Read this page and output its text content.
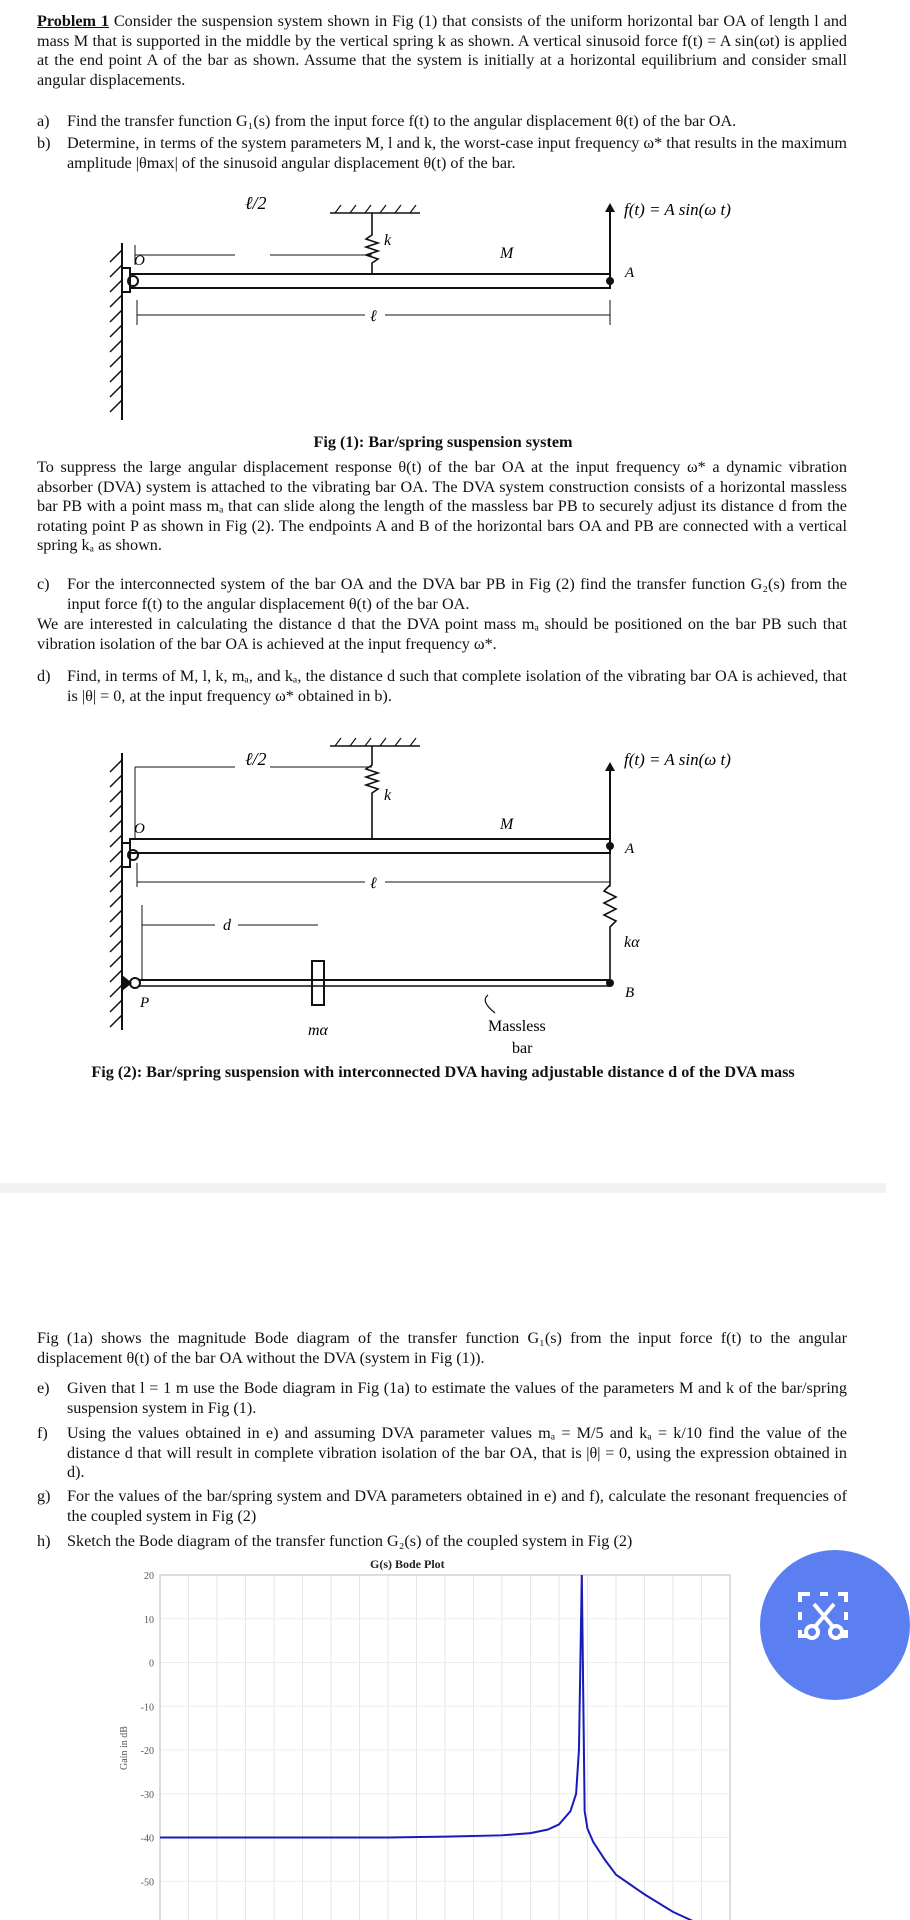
Problem 1 Consider the suspension system shown in Fig (1) that consists of the uniform horizontal bar OA of length l and mass M that is supported in the middle by the vertical spring k as shown. A vertical sinusoid force f(t) = A sin(ωt) is applied at the end point A of the bar as shown. Assume that the system is initially at a horizontal equilibrium and consider small angular displacements.
a) Find the transfer function G₁(s) from the input force f(t) to the angular displacement θ(t) of the bar OA.
b) Determine, in terms of the system parameters M, l and k, the worst-case input frequency ω* that results in the maximum amplitude |θmax| of the sinusoid angular displacement θ(t) of the bar.
ℓ/2
k
M
O
A
ℓ
f(t) = A sin(ω t)
Fig (1): Bar/spring suspension system
To suppress the large angular displacement response θ(t) of the bar OA at the input frequency ω* a dynamic vibration absorber (DVA) system is attached to the vibrating bar OA. The DVA system construction consists of a horizontal massless bar PB with a point mass mₐ that can slide along the length of the massless bar PB to securely adjust its distance d from the rotating point P as shown in Fig (2). The endpoints A and B of the horizontal bars OA and PB are connected with a vertical spring kₐ as shown.
c) For the interconnected system of the bar OA and the DVA bar PB in Fig (2) find the transfer function G₂(s) from the input force f(t) to the angular displacement θ(t) of the bar OA.
We are interested in calculating the distance d that the DVA point mass mₐ should be positioned on the bar PB such that vibration isolation of the bar OA is achieved at the input frequency ω*.
d) Find, in terms of M, l, k, mₐ, and kₐ, the distance d such that complete isolation of the vibrating bar OA is achieved, that is |θ| = 0, at the input frequency ω* obtained in b).
ℓ/2
k
M
O
A
ℓ
d
kα
B
P
mα	Massless
bar
f(t) = A sin(ω t)
Fig (2): Bar/spring suspension with interconnected DVA having adjustable distance d of the DVA mass
Fig (1a) shows the magnitude Bode diagram of the transfer function G₁(s) from the input force f(t) to the angular displacement θ(t) of the bar OA without the DVA (system in Fig (1)).
e) Given that l = 1 m use the Bode diagram in Fig (1a) to estimate the values of the parameters M and k of the bar/spring suspension system in Fig (1).
f) Using the values obtained in e) and assuming DVA parameter values mₐ = M/5 and kₐ = k/10 find the value of the distance d that will result in complete vibration isolation of the bar OA, that is |θ| = 0, using the expression obtained in d).
g) For the values of the bar/spring system and DVA parameters obtained in e) and f), calculate the resonant frequencies of the coupled system in Fig (2)
h) Sketch the Bode diagram of the transfer function G₂(s) of the coupled system in Fig (2)
G(s) Bode Plot
20
10
0
-10
-20
-30
-40
-50
Gain in dB
